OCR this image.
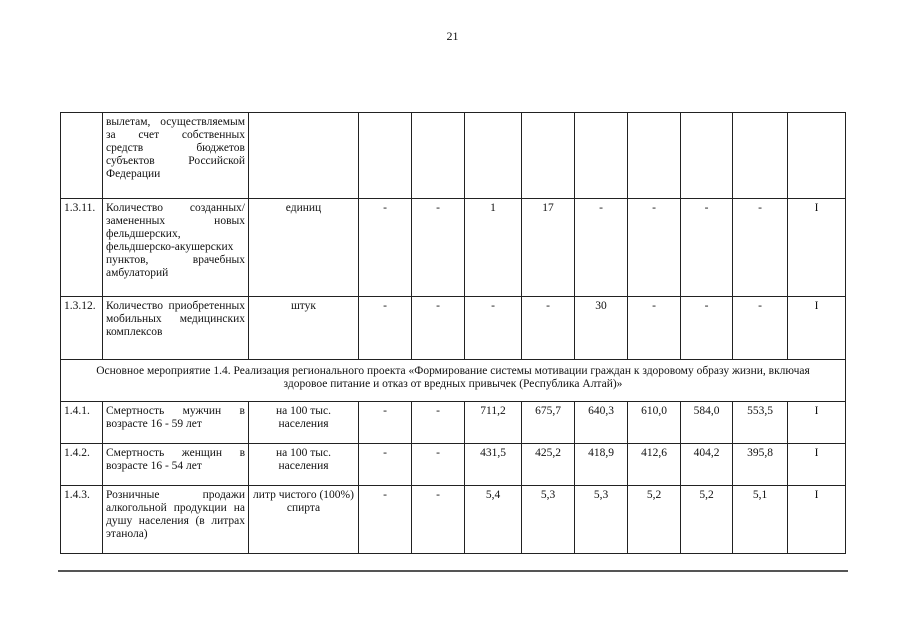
21
	вылетам, осуществляемым за счет собственных средств бюджетов субъектов Российской Федерации										
1.3.11.	Количество созданных/замененных новых фельдшерских, фельдшерско-акушерских пунктов, врачебных амбулаторий	единиц	-	-	1	17	-	-	-	-	I
1.3.12.	Количество приобретенных мобильных медицинских комплексов	штук	-	-	-	-	30	-	-	-	I
Основное мероприятие 1.4. Реализация регионального проекта «Формирование системы мотивации граждан к здоровому образу жизни, включая здоровое питание и отказ от вредных привычек (Республика Алтай)»											
1.4.1.	Смертность мужчин в возрасте 16 - 59 лет	на 100 тыс. населения	-	-	711,2	675,7	640,3	610,0	584,0	553,5	I
1.4.2.	Смертность женщин в возрасте 16 - 54 лет	на 100 тыс. населения	-	-	431,5	425,2	418,9	412,6	404,2	395,8	I
1.4.3.	Розничные продажи алкогольной продукции на душу населения (в литрах этанола)	литр чистого (100%) спирта	-	-	5,4	5,3	5,3	5,2	5,2	5,1	I
